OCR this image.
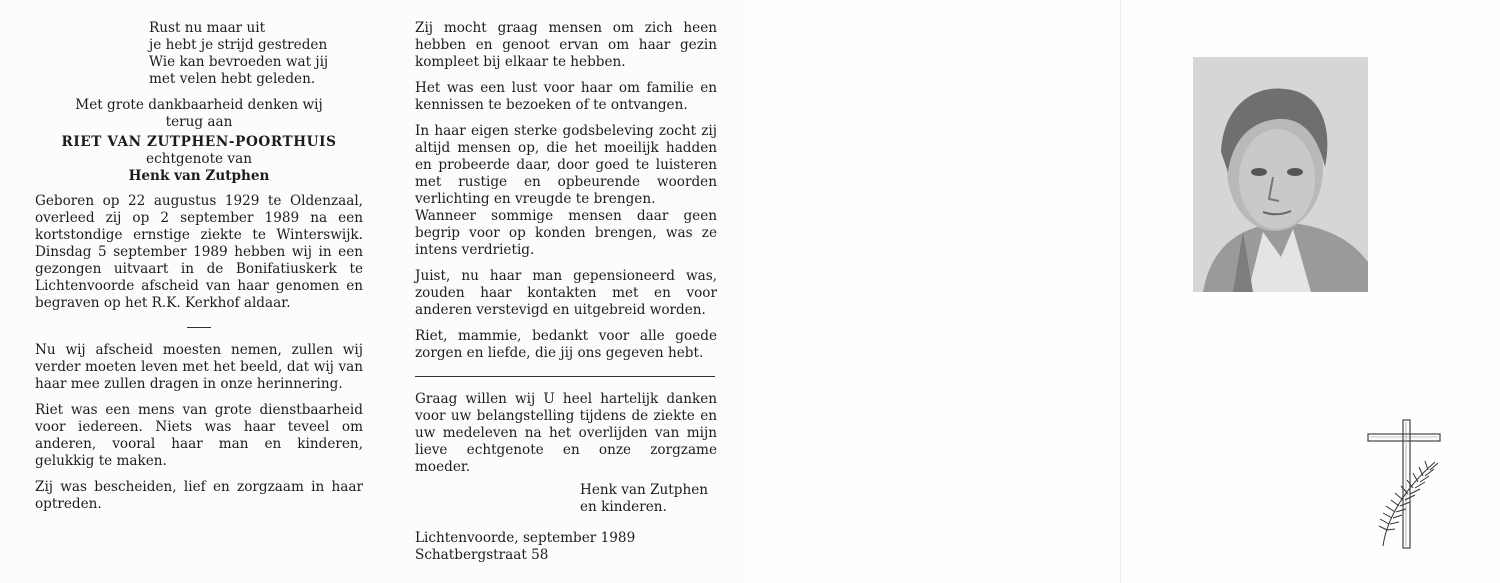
Rust nu maar uit
je hebt je strijd gestreden
Wie kan bevroeden wat jij
met velen hebt geleden.
Met grote dankbaarheid denken wij
terug aan
RIET VAN ZUTPHEN-POORTHUIS
echtgenote van
Henk van Zutphen
Geboren op 22 augustus 1929 te Oldenzaal, overleed zij op 2 september 1989 na een kortstondige ernstige ziekte te Winterswijk. Dinsdag 5 september 1989 hebben wij in een gezongen uitvaart in de Bonifatiuskerk te Lichtenvoorde afscheid van haar genomen en begraven op het R.K. Kerkhof aldaar.
Nu wij afscheid moesten nemen, zullen wij verder moeten leven met het beeld, dat wij van haar mee zullen dragen in onze herinnering.
Riet was een mens van grote dienstbaarheid voor iedereen. Niets was haar teveel om anderen, vooral haar man en kinderen, gelukkig te maken.
Zij was bescheiden, lief en zorgzaam in haar optreden.
Zij mocht graag mensen om zich heen hebben en genoot ervan om haar gezin kompleet bij elkaar te hebben.
Het was een lust voor haar om familie en kennissen te bezoeken of te ontvangen.
In haar eigen sterke godsbeleving zocht zij altijd mensen op, die het moeilijk hadden en probeerde daar, door goed te luisteren met rustige en opbeurende woorden verlichting en vreugde te brengen.
Wanneer sommige mensen daar geen begrip voor op konden brengen, was ze intens verdrietig.
Juist, nu haar man gepensioneerd was, zouden haar kontakten met en voor anderen verstevigd en uitgebreid worden.
Riet, mammie, bedankt voor alle goede zorgen en liefde, die jij ons gegeven hebt.
Graag willen wij U heel hartelijk danken voor uw belangstelling tijdens de ziekte en uw medeleven na het overlijden van mijn lieve echtgenote en onze zorgzame moeder.
Henk van Zutphen
en kinderen.
Lichtenvoorde, september 1989
Schatbergstraat 58
